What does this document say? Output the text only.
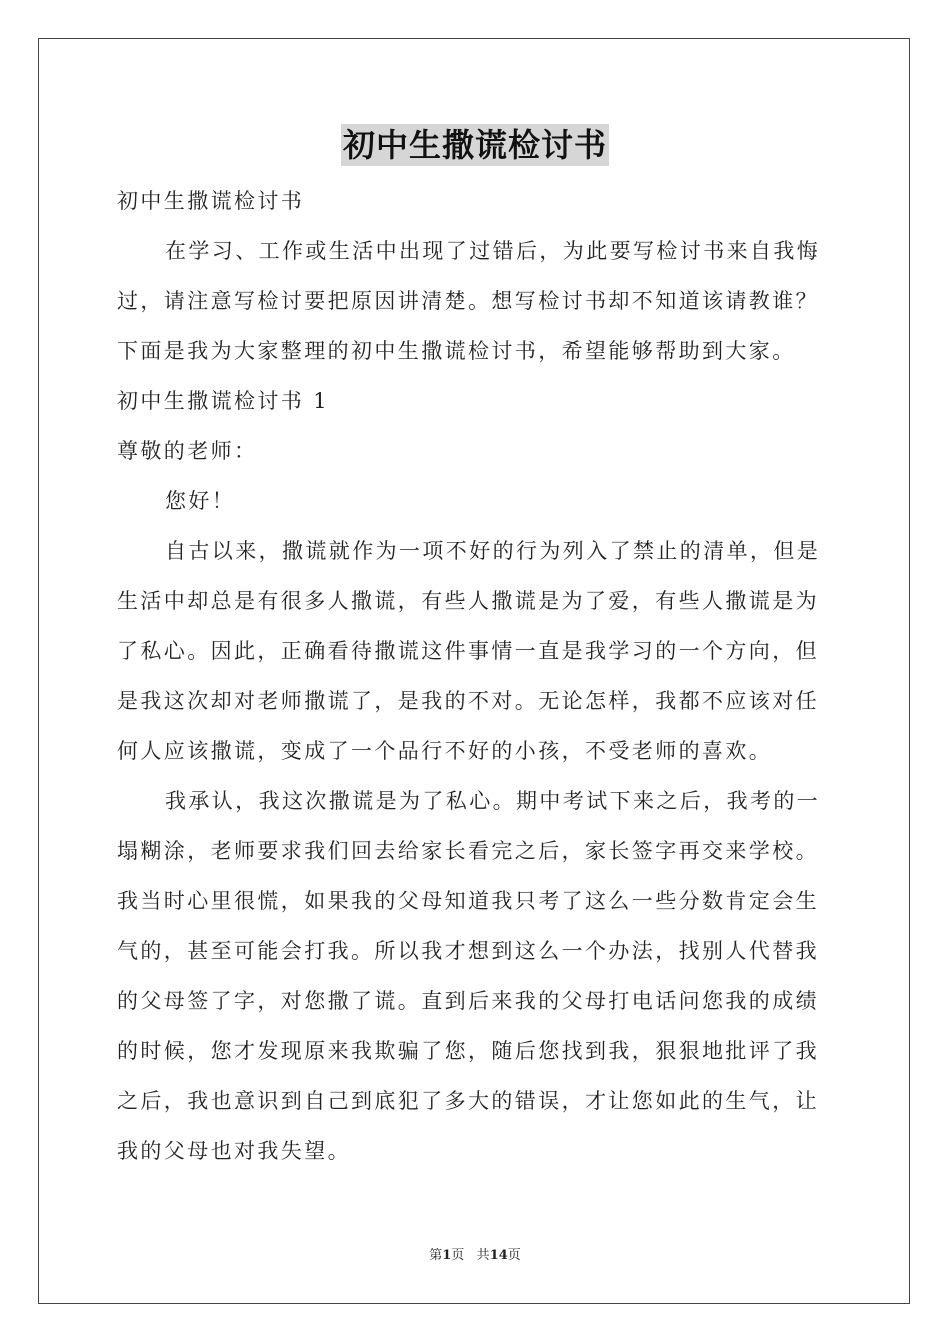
初中生撒谎检讨书

初中生撒谎检讨书

在学习、工作或生活中出现了过错后，为此要写检讨书来自我悔

过，请注意写检讨要把原因讲清楚。想写检讨书却不知道该请教谁？

下面是我为大家整理的初中生撒谎检讨书，希望能够帮助到大家。

初中生撒谎检讨书 1

尊敬的老师：

您好！

自古以来，撒谎就作为一项不好的行为列入了禁止的清单，但是

生活中却总是有很多人撒谎，有些人撒谎是为了爱，有些人撒谎是为

了私心。因此，正确看待撒谎这件事情一直是我学习的一个方向，但

是我这次却对老师撒谎了，是我的不对。无论怎样，我都不应该对任

何人应该撒谎，变成了一个品行不好的小孩，不受老师的喜欢。

我承认，我这次撒谎是为了私心。期中考试下来之后，我考的一

塌糊涂，老师要求我们回去给家长看完之后，家长签字再交来学校。

我当时心里很慌，如果我的父母知道我只考了这么一些分数肯定会生

气的，甚至可能会打我。所以我才想到这么一个办法，找别人代替我

的父母签了字，对您撒了谎。直到后来我的父母打电话问您我的成绩

的时候，您才发现原来我欺骗了您，随后您找到我，狠狠地批评了我

之后，我也意识到自己到底犯了多大的错误，才让您如此的生气，让

我的父母也对我失望。

第1页 共14页
